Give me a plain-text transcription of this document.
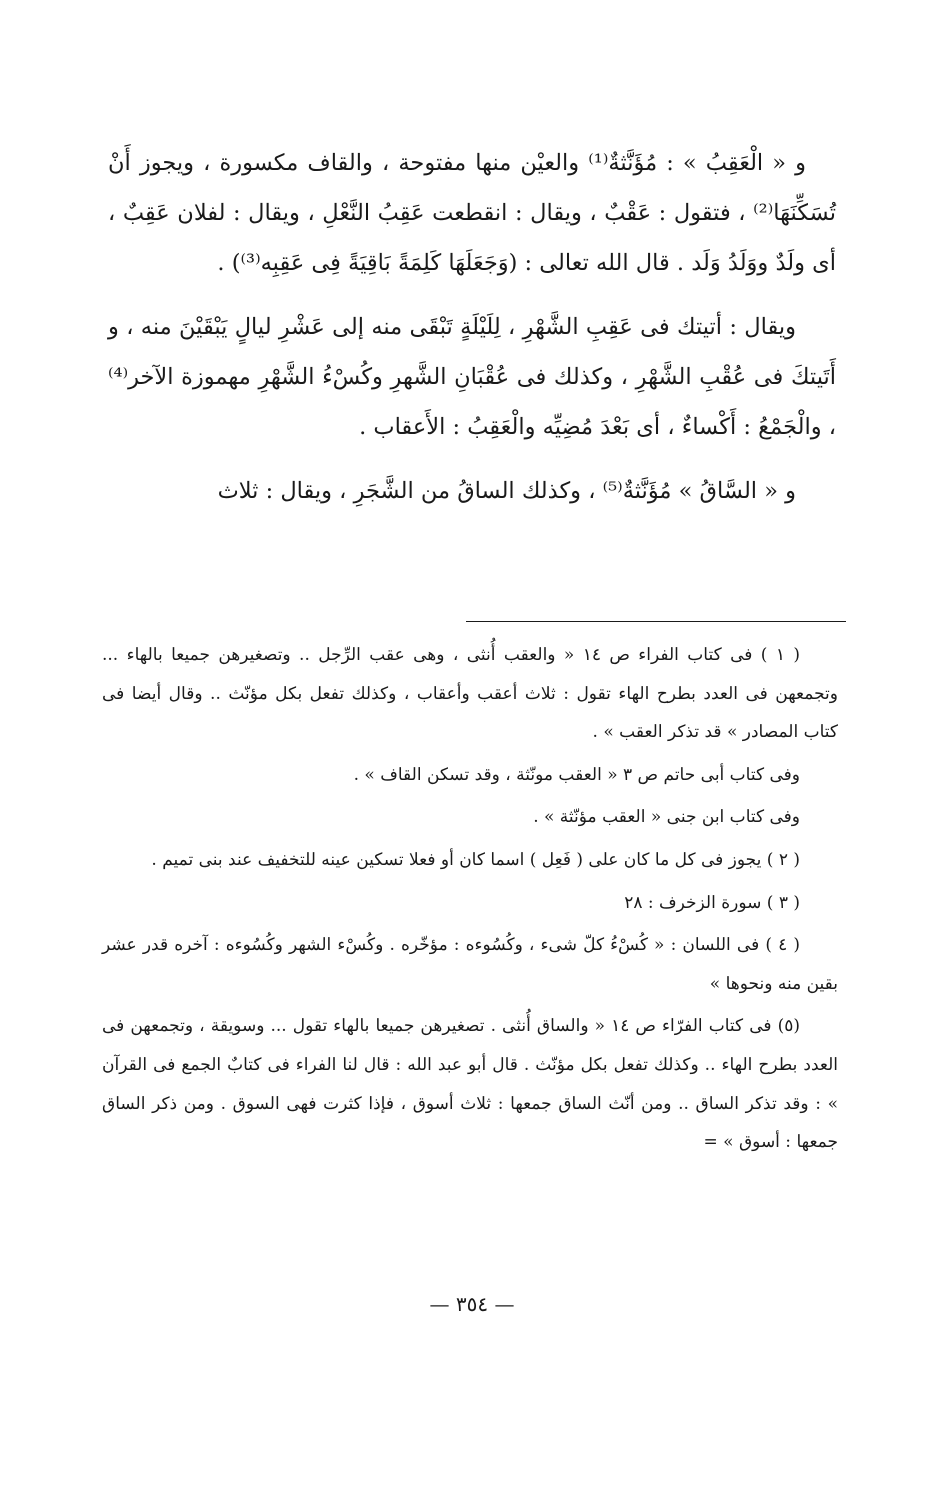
و « الْعَقِبُ » : مُؤَنَّثةٌ⁽¹⁾ والعيْن منها مفتوحة ، والقاف مكسورة ، ويجوز أَنْ تُسَكِّنَهَا⁽²⁾ ، فتقول : عَقْبٌ ، ويقال : انقطعت عَقِبُ النَّعْلِ ، ويقال : لفلان عَقِبٌ ، أى ولَدٌ ووَلَدُ وَلَد . قال الله تعالى : (وَجَعَلَهَا كَلِمَةً بَاقِيَةً فِى عَقِبِه⁽³⁾) .

ويقال : أتيتك فى عَقِبِ الشَّهْرِ ، لِلَيْلَةٍ تَبْقَى منه إلى عَشْرِ ليالٍ يَبْقَيْنَ منه ، و أَتَيتكَ فى عُقْبِ الشَّهْرِ ، وكذلك فى عُقْبَانِ الشَّهرِ وكُسْءُ الشَّهْرِ مهموزة الآخر⁽⁴⁾ ، والْجَمْعُ : أَكْساءٌ ، أى بَعْدَ مُضِيِّه والْعَقِبُ : الأَعقاب .

و « السَّاقُ » مُؤَنَّثةٌ⁽⁵⁾ ، وكذلك الساقُ من الشَّجَرِ ، ويقال : ثلاث

( ١ ) فى كتاب الفراء ص ١٤ « والعقب أُنثى ، وهى عقب الرِّجل .. وتصغيرهن جميعا بالهاء ... وتجمعهن فى العدد بطرح الهاء تقول : ثلاث أعقب وأعقاب ، وكذلك تفعل بكل مؤنّث .. وقال أيضا فى كتاب المصادر » قد تذكر العقب » .

وفى كتاب أبى حاتم ص ٣ « العقب مونّثة ، وقد تسكن القاف » .

وفى كتاب ابن جنى « العقب مؤنّثة » .

( ٢ ) يجوز فى كل ما كان على ( فَعِل ) اسما كان أو فعلا تسكين عينه للتخفيف عند بنى تميم .

( ٣ ) سورة الزخرف : ٢٨

( ٤ ) فى اللسان : « كُسْءُ كلّ شىء ، وكُسُوءه : مؤخّره . وكُسْء الشهر وكُسُوءه : آخره قدر عشر بقين منه ونحوها »

(٥) فى كتاب الفرّاء ص ١٤ « والساق أُنثى . تصغيرهن جميعا بالهاء تقول ... وسويقة ، وتجمعهن فى العدد بطرح الهاء .. وكذلك تفعل بكل مؤنّث . قال أبو عبد الله : قال لنا الفراء فى كتابٌ الجمع فى القرآن » : وقد تذكر الساق .. ومن أنّث الساق جمعها : ثلاث أسوق ، فإذا كثرت فهى السوق . ومن ذكر الساق جمعها : أسوق » =

— ٣٥٤ —
